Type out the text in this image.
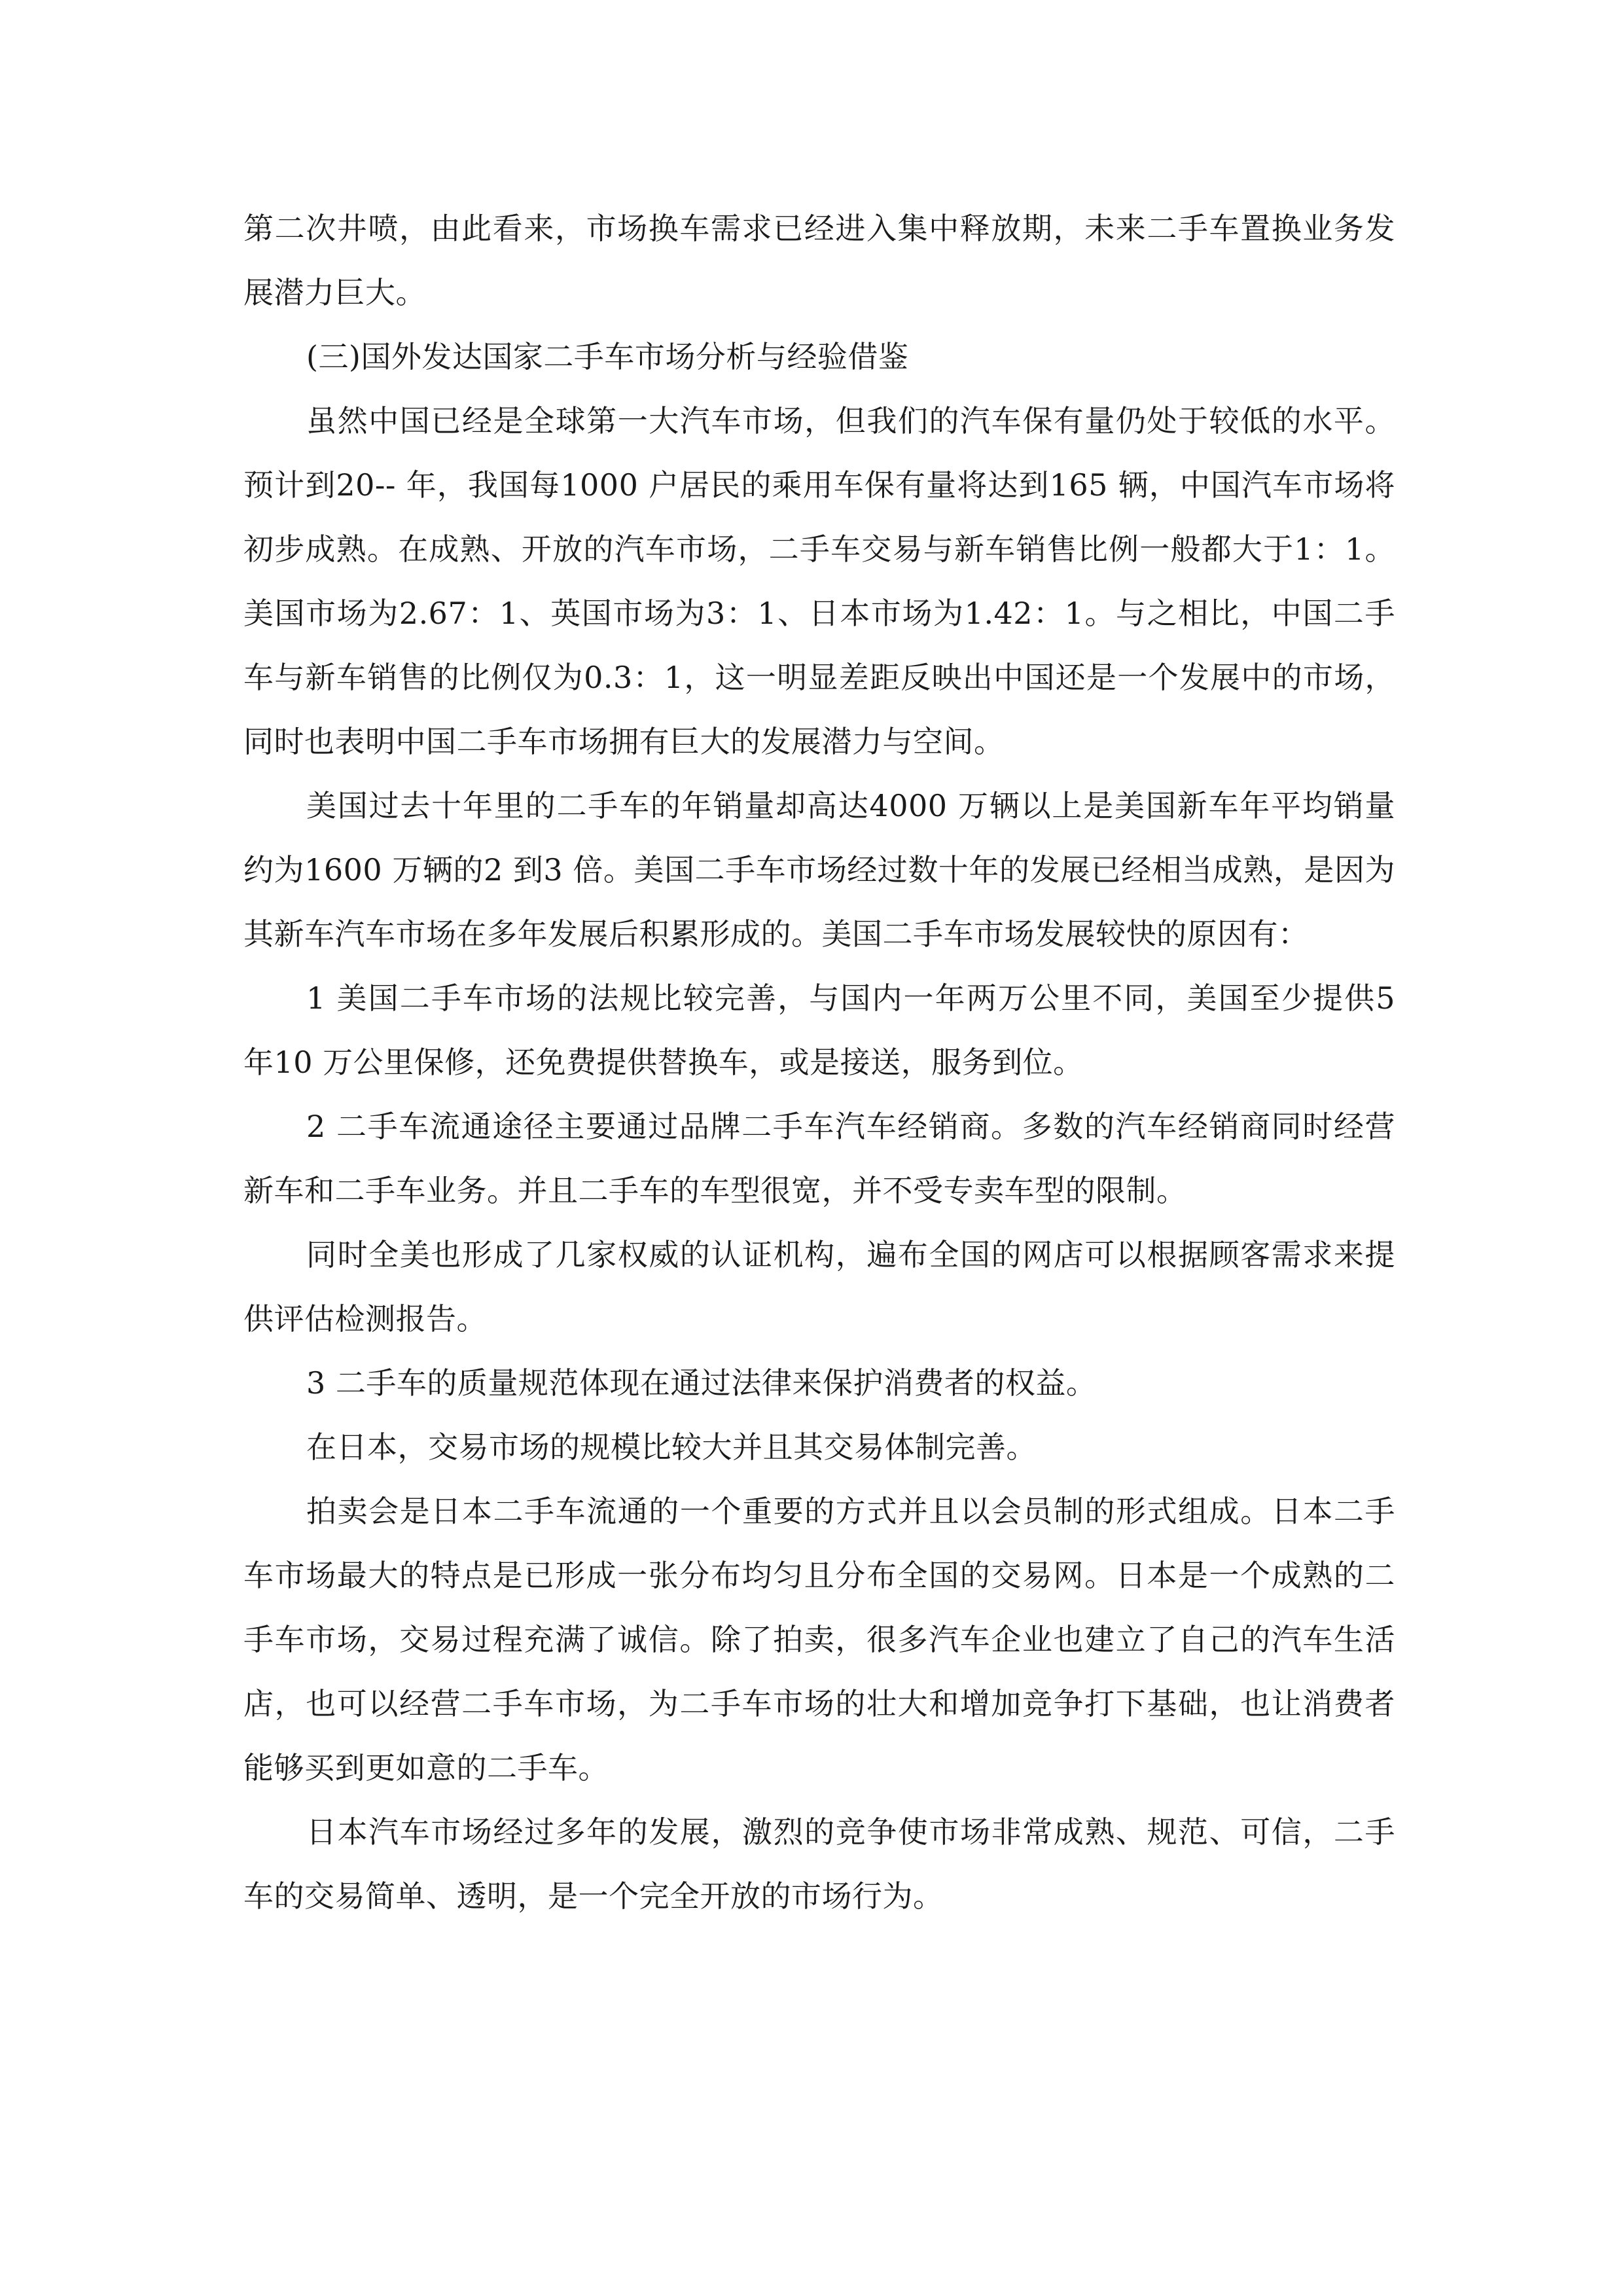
第二次井喷，由此看来，市场换车需求已经进入集中释放期，未来二手车置换业务发展潜力巨大。

(三)国外发达国家二手车市场分析与经验借鉴

虽然中国已经是全球第一大汽车市场，但我们的汽车保有量仍处于较低的水平。预计到20-- 年，我国每1000 户居民的乘用车保有量将达到165 辆，中国汽车市场将初步成熟。在成熟、开放的汽车市场，二手车交易与新车销售比例一般都大于1：1。美国市场为2.67：1、英国市场为3：1、日本市场为1.42：1。与之相比，中国二手车与新车销售的比例仅为0.3：1，这一明显差距反映出中国还是一个发展中的市场，同时也表明中国二手车市场拥有巨大的发展潜力与空间。

美国过去十年里的二手车的年销量却高达4000 万辆以上是美国新车年平均销量约为1600 万辆的2 到3 倍。美国二手车市场经过数十年的发展已经相当成熟，是因为其新车汽车市场在多年发展后积累形成的。美国二手车市场发展较快的原因有：

1 美国二手车市场的法规比较完善，与国内一年两万公里不同，美国至少提供5 年10 万公里保修，还免费提供替换车，或是接送，服务到位。

2 二手车流通途径主要通过品牌二手车汽车经销商。多数的汽车经销商同时经营新车和二手车业务。并且二手车的车型很宽，并不受专卖车型的限制。

同时全美也形成了几家权威的认证机构，遍布全国的网店可以根据顾客需求来提供评估检测报告。

3 二手车的质量规范体现在通过法律来保护消费者的权益。

在日本，交易市场的规模比较大并且其交易体制完善。

拍卖会是日本二手车流通的一个重要的方式并且以会员制的形式组成。日本二手车市场最大的特点是已形成一张分布均匀且分布全国的交易网。日本是一个成熟的二手车市场，交易过程充满了诚信。除了拍卖，很多汽车企业也建立了自己的汽车生活店，也可以经营二手车市场，为二手车市场的壮大和增加竞争打下基础，也让消费者能够买到更如意的二手车。

日本汽车市场经过多年的发展，激烈的竞争使市场非常成熟、规范、可信，二手车的交易简单、透明，是一个完全开放的市场行为。
